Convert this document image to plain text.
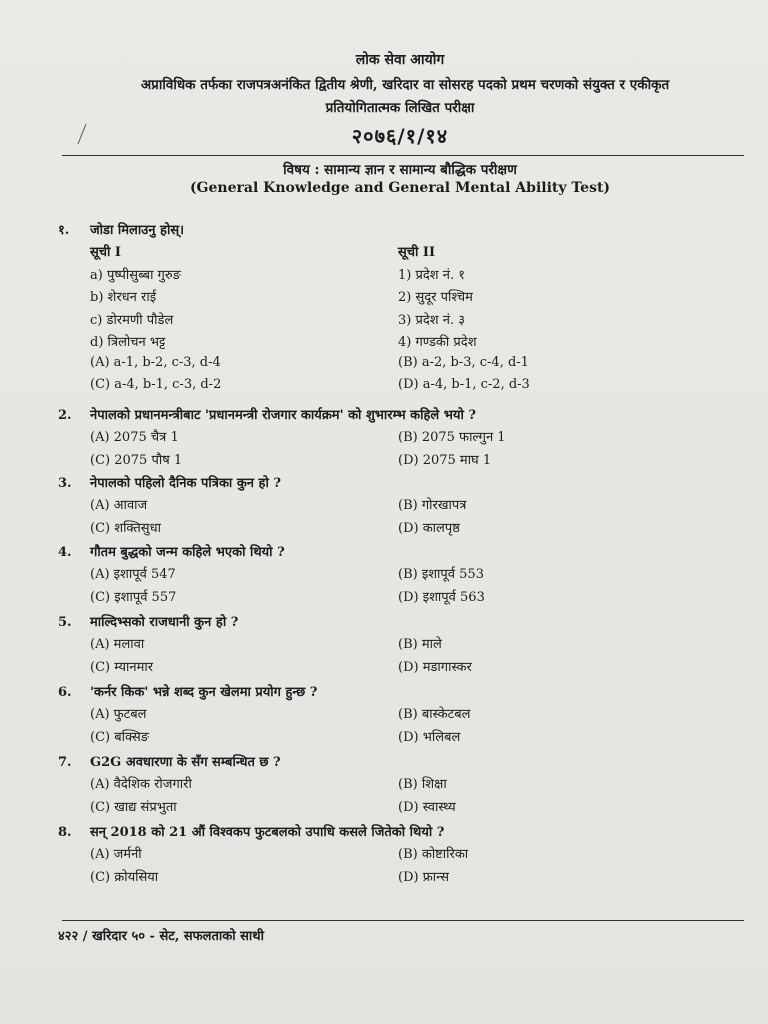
लोक सेवा आयोग
अप्राविधिक तर्फका राजपत्रअनंकित द्वितीय श्रेणी, खरिदार वा सोसरह पदको प्रथम चरणको संयुक्त र एकीकृत
प्रतियोगितात्मक लिखित परीक्षा
२०७६/१/१४
विषय : सामान्य ज्ञान र सामान्य बौद्धिक परीक्षण
(General Knowledge and General Mental Ability Test)
१.	जोडा मिलाउनु होस्।
सूची I	सूची II
a) पुष्पीसुब्बा गुरुङ	1) प्रदेश नं. १
b) शेरधन राई	2) सुदूर पश्चिम
c) डोरमणी पौडेल	3) प्रदेश नं. ३
d) त्रिलोचन भट्ट	4) गण्डकी प्रदेश
(A) a-1, b-2, c-3, d-4	(B) a-2, b-3, c-4, d-1
(C) a-4, b-1, c-3, d-2	(D) a-4, b-1, c-2, d-3
2.	नेपालको प्रधानमन्त्रीबाट 'प्रधानमन्त्री रोजगार कार्यक्रम' को शुभारम्भ कहिले भयो ?
(A) 2075 चैत्र 1	(B) 2075 फाल्गुन 1
(C) 2075 पौष 1	(D) 2075 माघ 1
3.	नेपालको पहिलो दैनिक पत्रिका कुन हो ?
(A) आवाज	(B) गोरखापत्र
(C) शक्तिसुधा	(D) कालपृष्ठ
4.	गौतम बुद्धको जन्म कहिले भएको थियो ?
(A) इशापूर्व 547	(B) इशापूर्व 553
(C) इशापूर्व 557	(D) इशापूर्व 563
5.	माल्दिभ्सको राजधानी कुन हो ?
(A) मलावा	(B) माले
(C) म्यानमार	(D) मडागास्कर
6.	'कर्नर किक' भन्ने शब्द कुन खेलमा प्रयोग हुन्छ ?
(A) फुटबल	(B) बास्केटबल
(C) बक्सिङ	(D) भलिबल
7.	G2G अवधारणा के सँग सम्बन्धित छ ?
(A) वैदेशिक रोजगारी	(B) शिक्षा
(C) खाद्य संप्रभुता	(D) स्वास्थ्य
8.	सन् 2018 को 21 औं विश्वकप फुटबलको उपाधि कसले जितेको थियो ?
(A) जर्मनी	(B) कोष्टारिका
(C) क्रोयसिया	(D) फ्रान्स
४२२ / खरिदार ५० - सेट, सफलताको साथी
